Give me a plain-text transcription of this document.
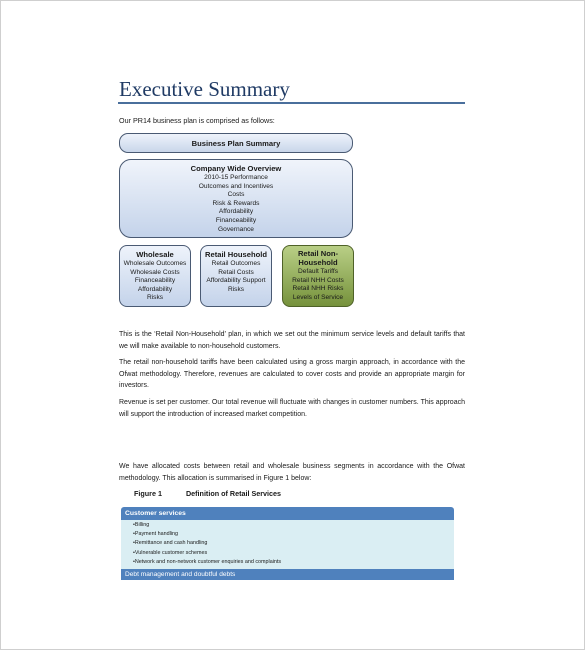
Executive Summary
Our PR14 business plan is comprised as follows:
Business Plan Summary
Company Wide Overview
2010-15 Performance
Outcomes and Incentives
Costs
Risk & Rewards
Affordability
Financeability
Governance
Wholesale
Wholesale Outcomes
Wholesale Costs
Financeability
Affordability
Risks
Retail Household
Retail Outcomes
Retail Costs
Affordability Support
Risks
Retail Non-Household
Default Tariffs
Retail NHH Costs
Retail NHH Risks
Levels of Service
This is the ‘Retail Non-Household’ plan, in which we set out the minimum service levels and default tariffs that we will make available to non-household customers.
The retail non-household tariffs have been calculated using a gross margin approach, in accordance with the Ofwat methodology. Therefore, revenues are calculated to cover costs and provide an appropriate margin for investors.
Revenue is set per customer. Our total revenue will fluctuate with changes in customer numbers. This approach will support the introduction of increased market competition.
We have allocated costs between retail and wholesale business segments in accordance with the Ofwat methodology. This allocation is summarised in Figure 1 below:
Figure 1	Definition of Retail Services
Customer services
•Billing
•Payment handling
•Remittance and cash handling
•Vulnerable customer schemes
•Network and non-network customer enquiries and complaints
Debt management and doubtful debts
